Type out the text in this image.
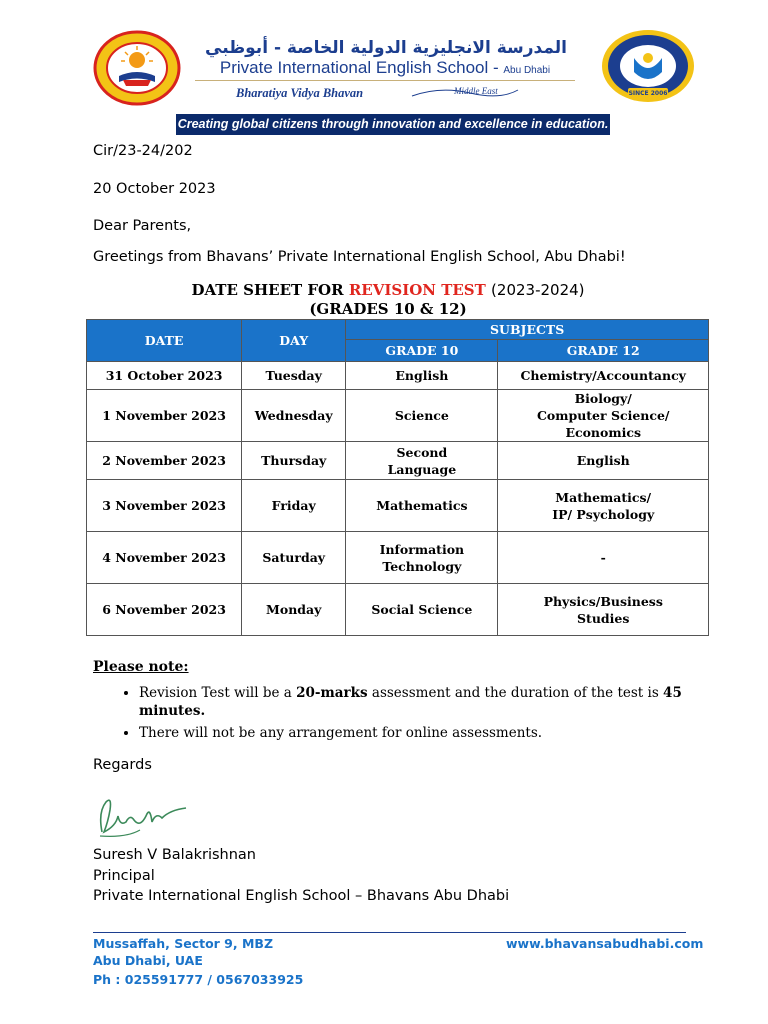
المدرسة الانجليزية الدولية الخاصة - أبوظبي
Private International English School - Abu Dhabi
Bharatiya Vidya Bhavan	Middle East	SINCE 2006
Creating global citizens through innovation and excellence in education.
Cir/23-24/202
20 October 2023
Dear Parents,
Greetings from Bhavans’ Private International English School, Abu Dhabi!
DATE SHEET FOR REVISION TEST (2023-2024)
(GRADES 10 & 12)
DATE	DAY	SUBJECTS	
		GRADE 10	GRADE 12
31 October 2023	Tuesday	English	Chemistry/Accountancy

1 November 2023	Wednesday	Science	Biology/
Computer Science/
Economics

2 November 2023	Thursday	Second
Language	English

3 November 2023	Friday	Mathematics	Mathematics/
IP/ Psychology

4 November 2023	Saturday	Information
Technology	-

6 November 2023	Monday	Social Science	Physics/Business
Studies
Please note:
• Revision Test will be a 20-marks assessment and the duration of the test is 45 minutes.
• There will not be any arrangement for online assessments.
Regards
Suresh V Balakrishnan
Principal
Private International English School – Bhavans Abu Dhabi
Mussaffah, Sector 9, MBZ
Abu Dhabi, UAE
Ph : 025591777 / 0567033925
www.bhavansabudhabi.com
